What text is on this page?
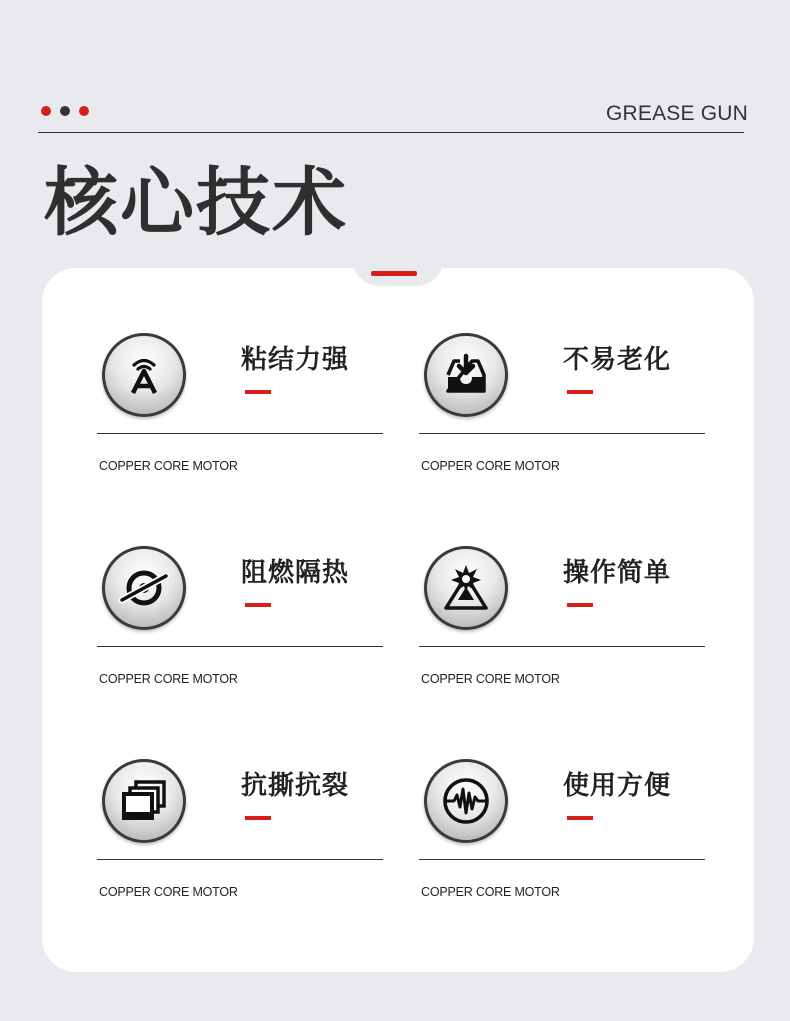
GREASE GUN
核心技术
粘结力强
COPPER CORE MOTOR
不易老化
COPPER CORE MOTOR
阻燃隔热
COPPER CORE MOTOR
操作简单
COPPER CORE MOTOR
抗撕抗裂
COPPER CORE MOTOR
使用方便
COPPER CORE MOTOR
